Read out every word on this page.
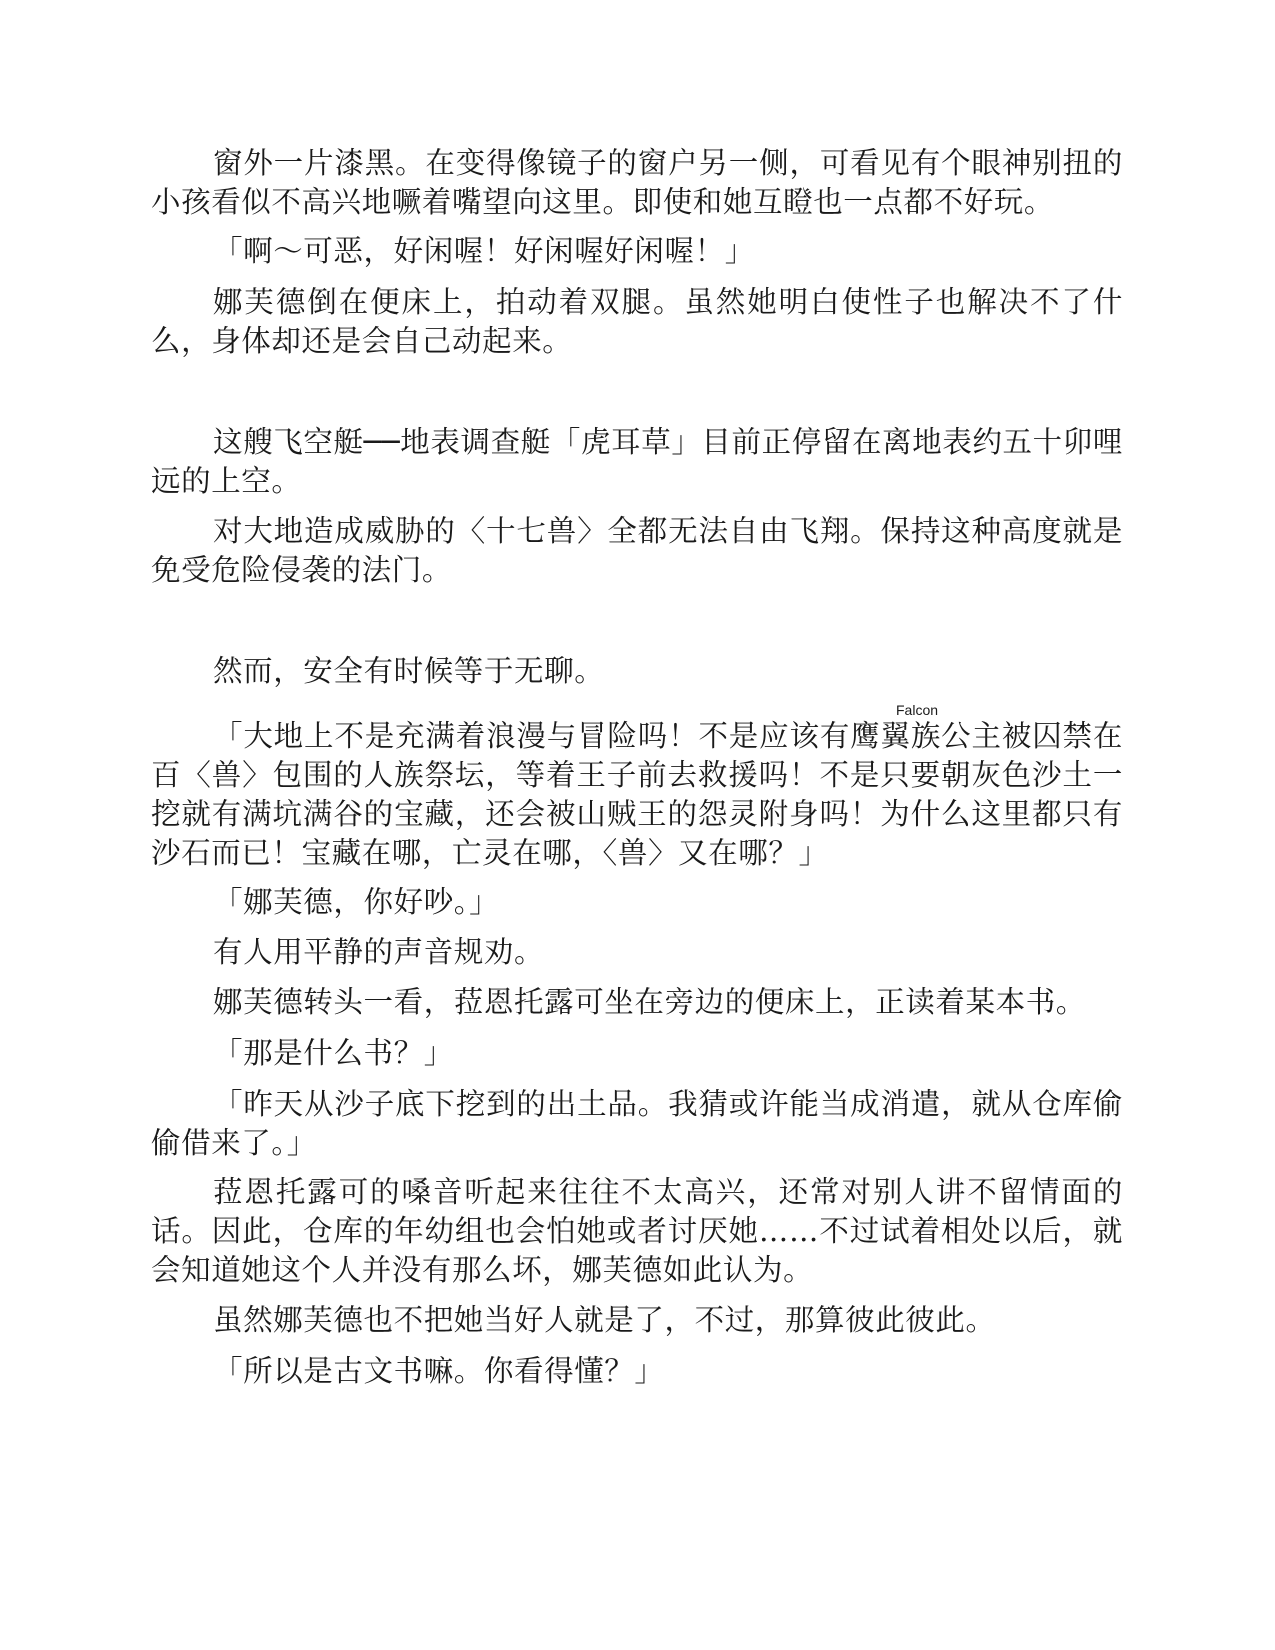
窗外一片漆黑。在变得像镜子的窗户另一侧，可看见有个眼神别扭的小孩看似不高兴地噘着嘴望向这里。即使和她互瞪也一点都不好玩。

「啊～可恶，好闲喔！好闲喔好闲喔！」

娜芙德倒在便床上，拍动着双腿。虽然她明白使性子也解决不了什么，身体却还是会自己动起来。

这艘飞空艇──地表调查艇「虎耳草」目前正停留在离地表约五十卯哩远的上空。

对大地造成威胁的〈十七兽〉全都无法自由飞翔。保持这种高度就是免受危险侵袭的法门。

然而，安全有时候等于无聊。

Falcon

「大地上不是充满着浪漫与冒险吗！不是应该有鹰翼族公主被囚禁在百〈兽〉包围的人族祭坛，等着王子前去救援吗！不是只要朝灰色沙土一挖就有满坑满谷的宝藏，还会被山贼王的怨灵附身吗！为什么这里都只有沙石而已！宝藏在哪，亡灵在哪，〈兽〉又在哪？」

「娜芙德，你好吵。」

有人用平静的声音规劝。

娜芙德转头一看，菈恩托露可坐在旁边的便床上，正读着某本书。

「那是什么书？」

「昨天从沙子底下挖到的出土品。我猜或许能当成消遣，就从仓库偷偷借来了。」

菈恩托露可的嗓音听起来往往不太高兴，还常对别人讲不留情面的话。因此，仓库的年幼组也会怕她或者讨厌她……不过试着相处以后，就会知道她这个人并没有那么坏，娜芙德如此认为。

虽然娜芙德也不把她当好人就是了，不过，那算彼此彼此。

「所以是古文书嘛。你看得懂？」
